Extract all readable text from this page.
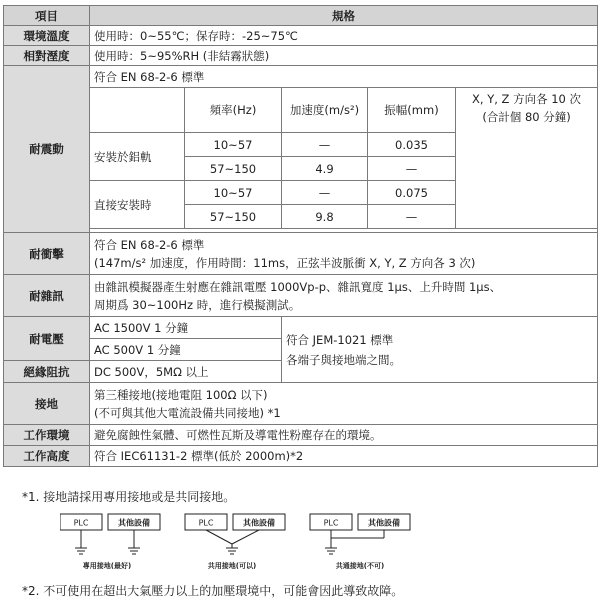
項目	規格				
環境溫度	使用時：0~55℃；保存時：-25~75℃				
相對溼度	使用時：5~95%RH (非結霧狀態)				
耐震動	符合 EN 68-2-6 標準				
		頻率(Hz)	加速度(m/s²)	振幅(mm)	X, Y, Z 方向各 10 次
(合計個 80 分鐘)

	安裝於鋁軌	10~57	—	0.035	
		57~150	4.9	—	
	直接安裝時	10~57	—	0.075	
		57~150	9.8	—	

耐衝擊	符合 EN 68-2-6 標準
(147m/s² 加速度，作用時間：11ms，正弦半波脈衝 X, Y, Z 方向各 3 次)				

耐雜訊	由雜訊模擬器產生射應在雜訊電壓 1000Vp-p、雜訊寬度 1μs、上升時間 1μs、
周期爲 30~100Hz 時，進行模擬測試。				

耐電壓	AC 1500V 1 分鐘		符合 JEM-1021 標準
各端子與接地端之間。		

	AC 500V 1 分鐘				
絕緣阻抗	DC 500V，5MΩ 以上				
接地	第三種接地(接地電阻 100Ω 以下)
(不可與其他大電流設備共同接地) *1				

工作環境	避免腐蝕性氣體、可燃性瓦斯及導電性粉塵存在的環境。				
工作高度	符合 IEC61131-2 標準(低於 2000m)*2				
*1. 接地請採用專用接地或是共同接地。
PLC	其他設備	PLC	其他設備	PLC	其他設備
專用接地(最好)	共用接地(可以)	共通接地(不可)
*2. 不可使用在超出大氣壓力以上的加壓環境中，可能會因此導致故障。
